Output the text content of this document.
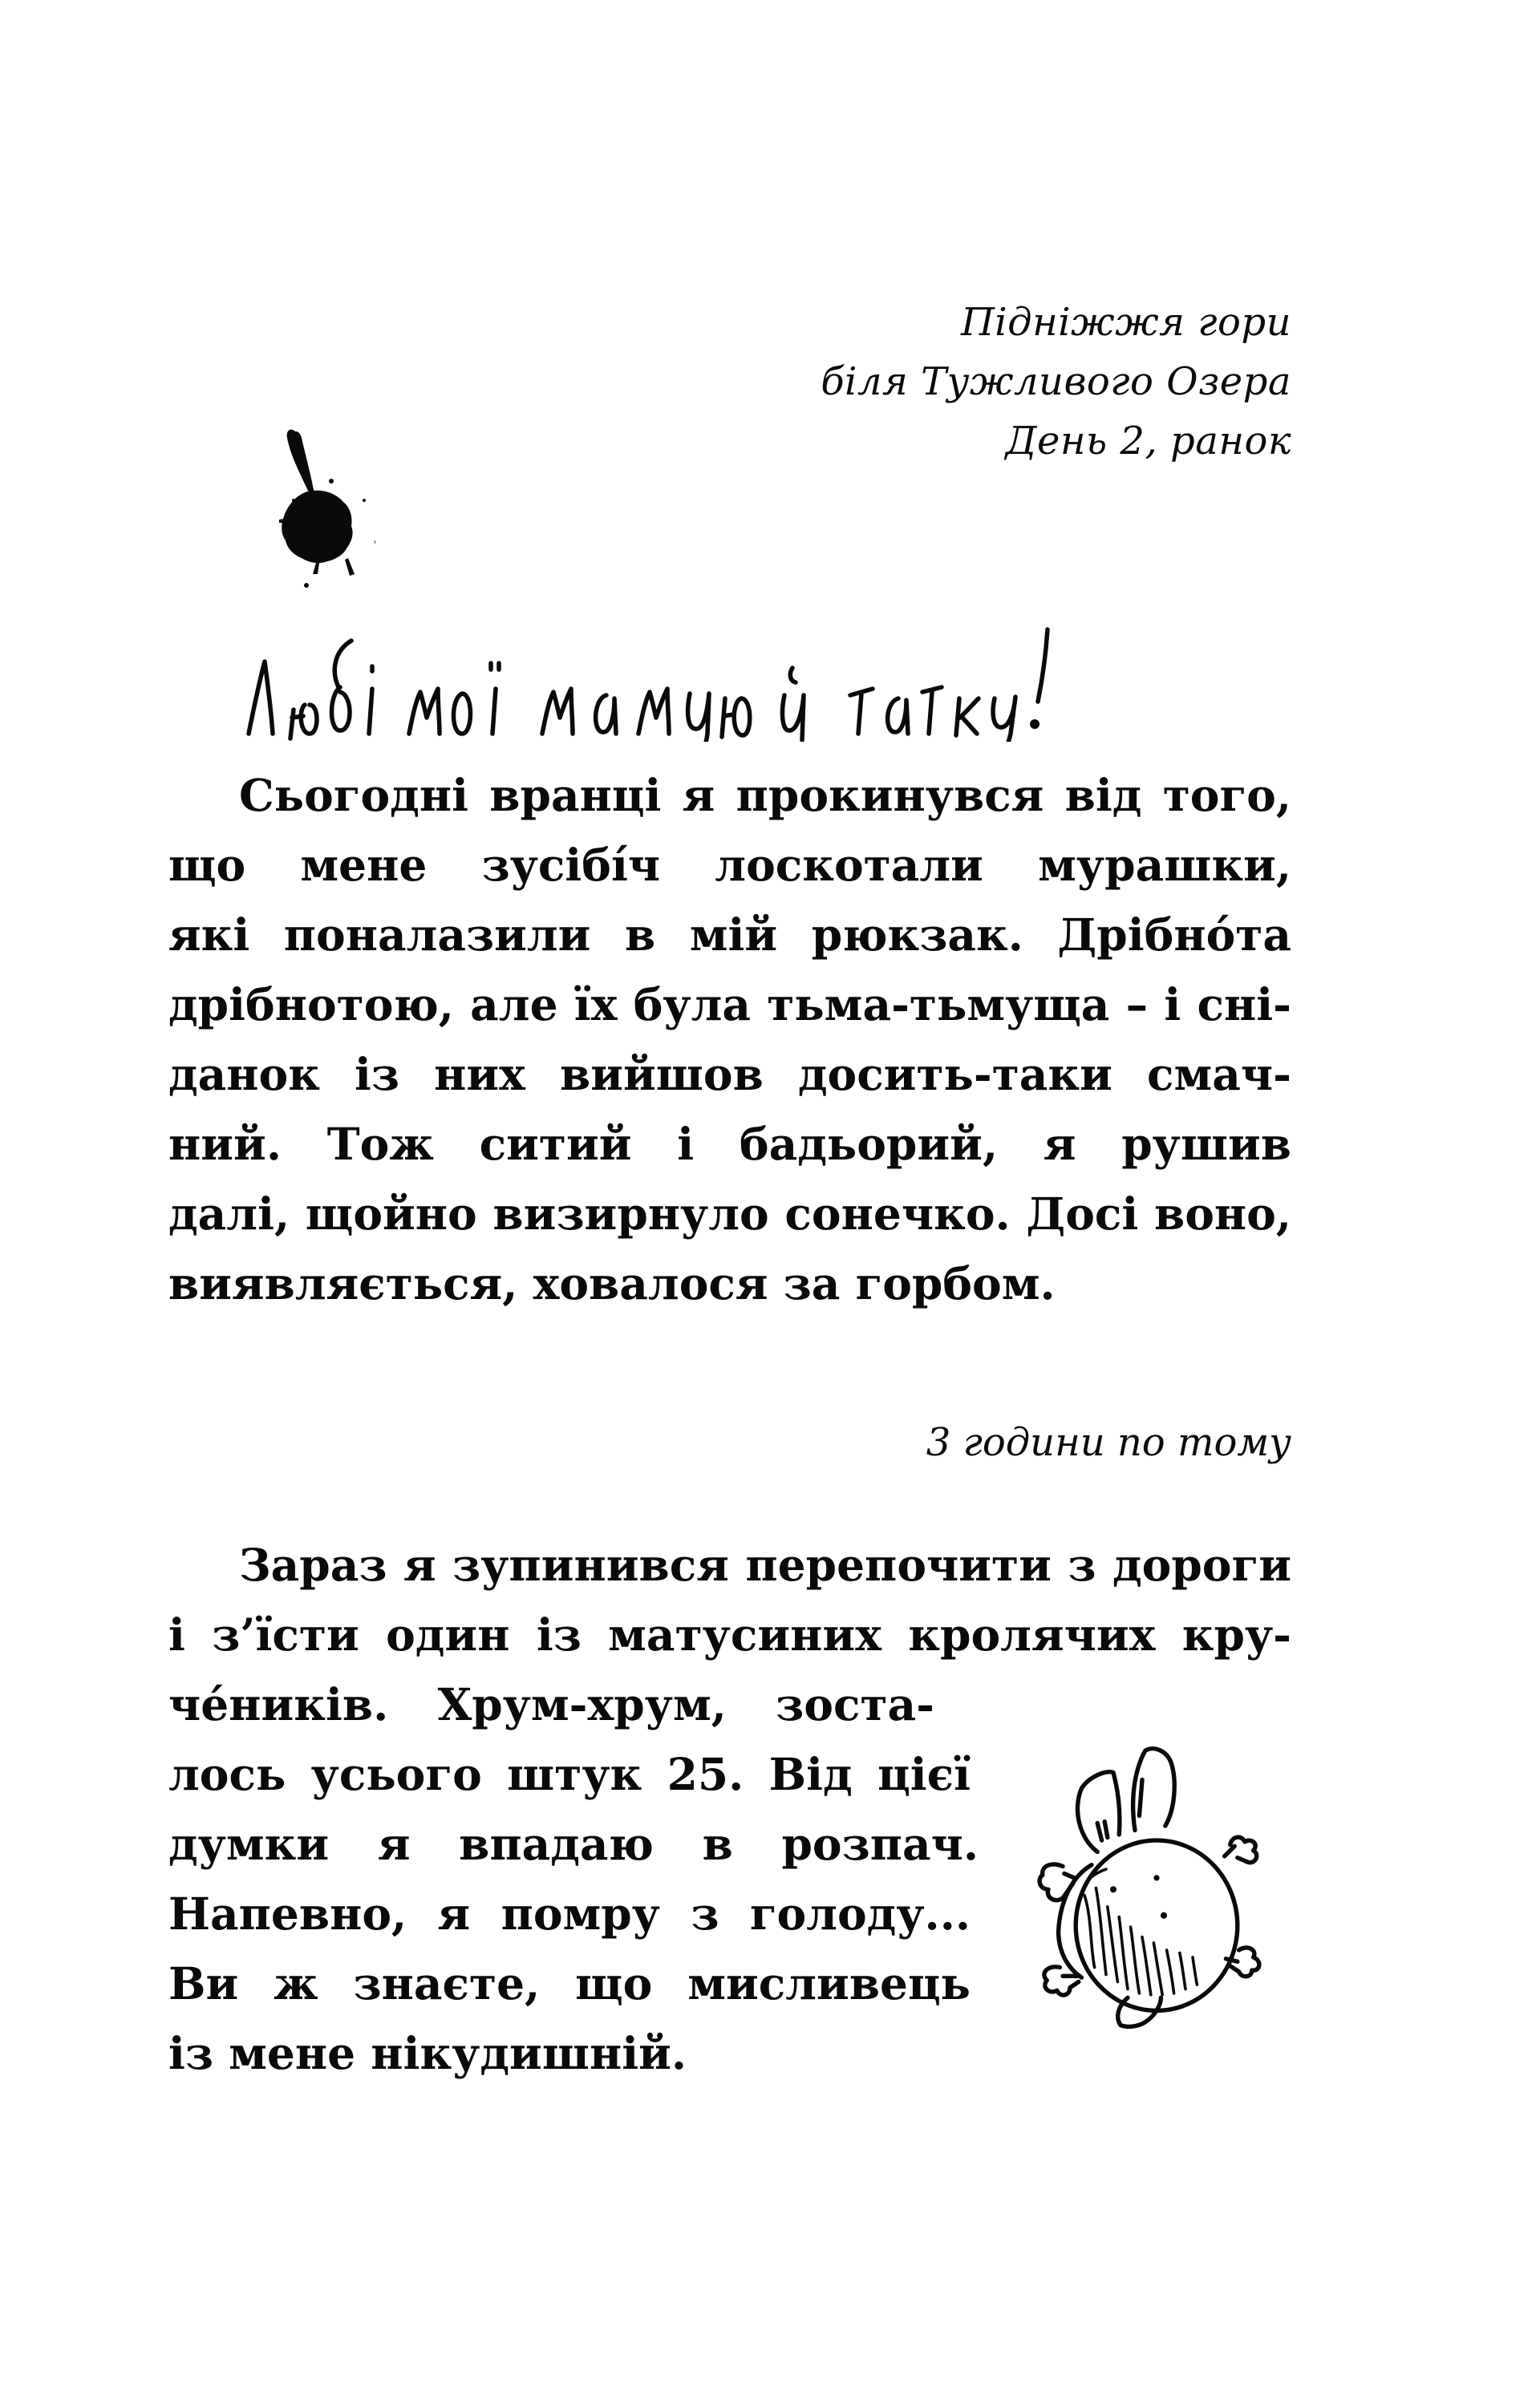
Підніжжя гори
біля Тужливого Озера
День 2, ранок
Сьогодні вранці я прокинувся від того,
що мене зусібі́ч лоскотали мурашки,
які поналазили в мій рюкзак. Дрібно́та
дрібнотою, але їх була тьма-тьмуща – і сні-
данок із них вийшов досить-таки смач-
ний. Тож ситий і бадьорий, я рушив
далі, щойно визирнуло сонечко. Досі воно,
виявляється, ховалося за горбом.
3 години по тому
Зараз я зупинився перепочити з дороги
і з’їсти один із матусиних кролячих кру-
че́ників. Хрум-хрум, зоста-
лось усього штук 25. Від цієї
думки я впадаю в розпач.
Напевно, я помру з голоду...
Ви ж знаєте, що мисливець
із мене нікудишній.
